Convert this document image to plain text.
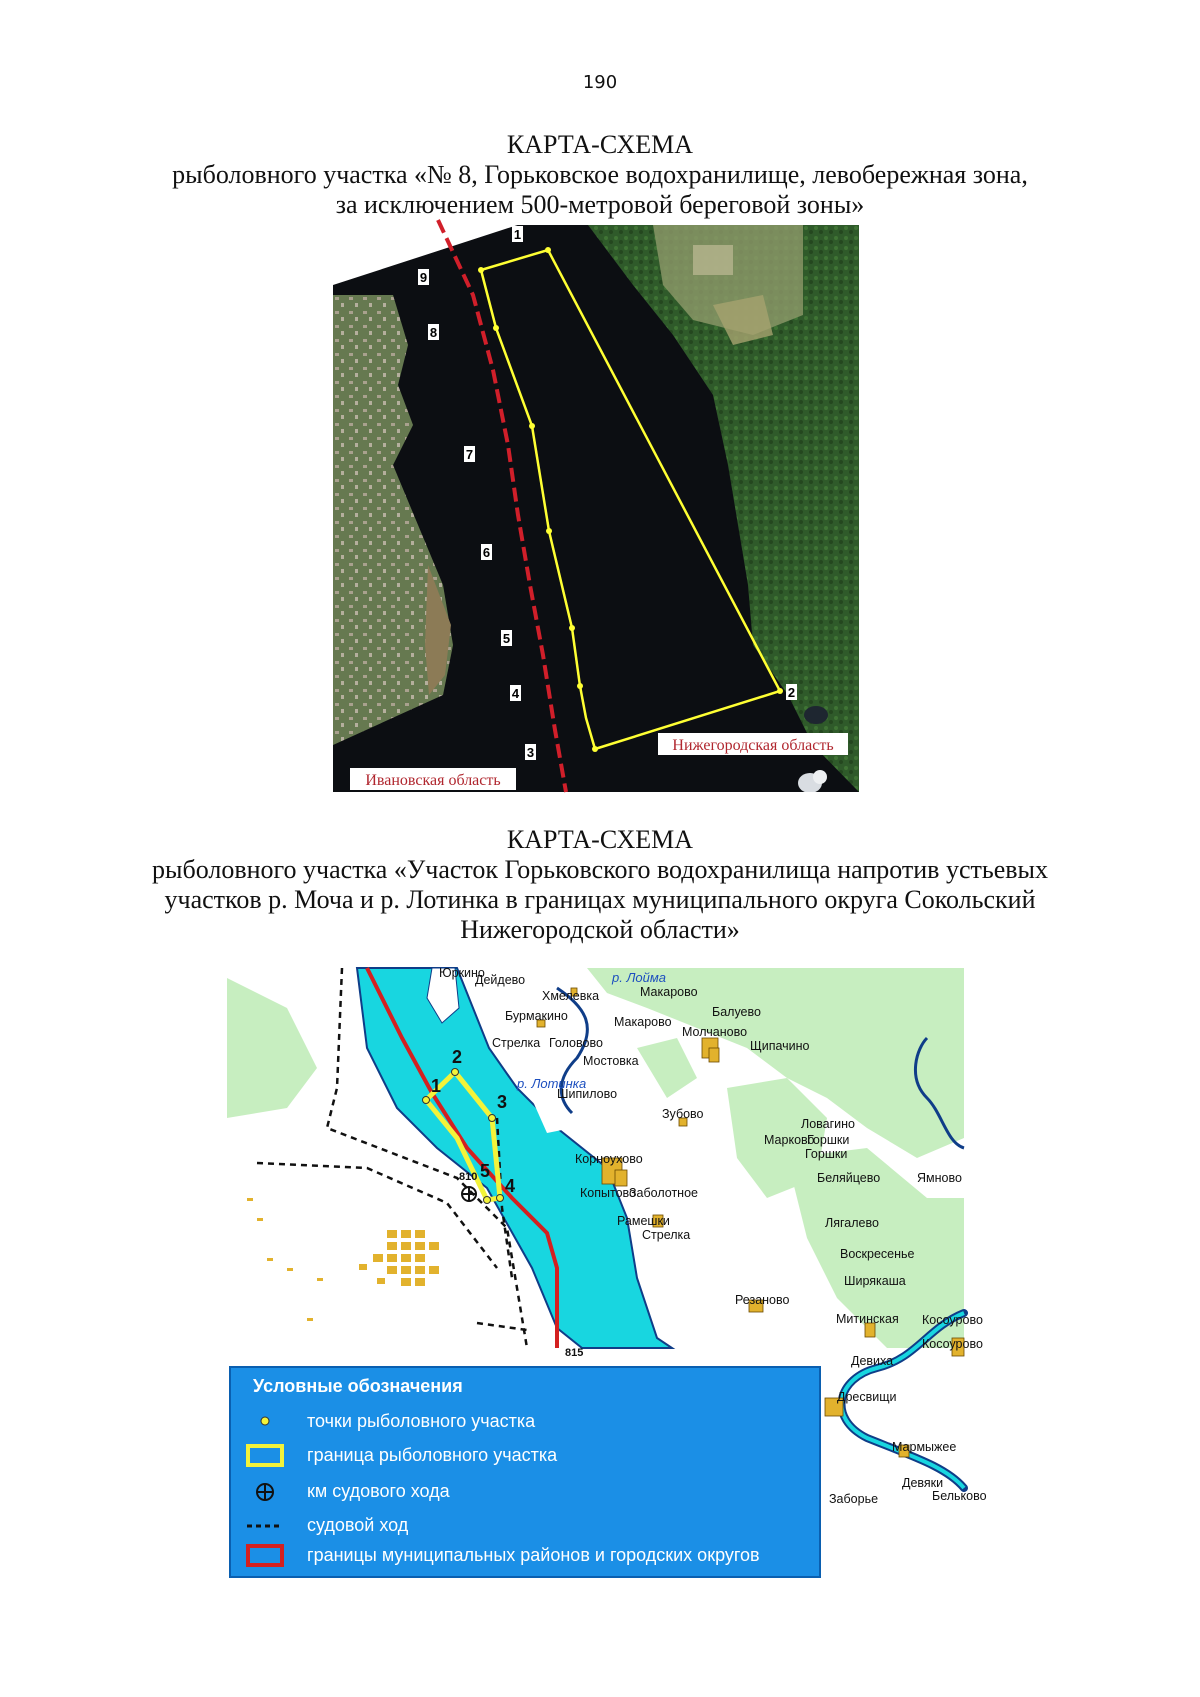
190
КАРТА-СХЕМА
рыболовного участка «№ 8, Горьковское водохранилище, левобережная зона,
за исключением 500-метровой береговой зоны»
1
2
3
4
5
6
7
8
9
Нижегородская область
Ивановская область
КАРТА-СХЕМА
рыболовного участка «Участок Горьковского водохранилища напротив устьевых
участков р. Моча и р. Лотинка в границах муниципального округа Сокольский
Нижегородской области»
1
2
3
4
5
810
815
р. Лойма
р. Лотинка
Юркино
Дейдево
Хмелевка	Макарово
Бурмакино	Макарово
Балуево
Стрелка Головово
Молчаново
Щипачино
Мостовка
Шипилово
Зубово
Ловагино
Марково
Горшки
Горшки
Корноухово
Беляйцево	Ямново
Копытово
Заболотное
Лягалево
Рамешки
Стрелка
Воскресенье
Ширякаша
Резаново
Митинская Косоурово
Косоурово
Девиха
Дресвищи
Мармыжее
Девяки
Бельково
Заборье
Условные обозначения
точки рыболовного участка
граница рыболовного участка
км судового хода
судовой ход
границы муниципальных районов и городских округов
